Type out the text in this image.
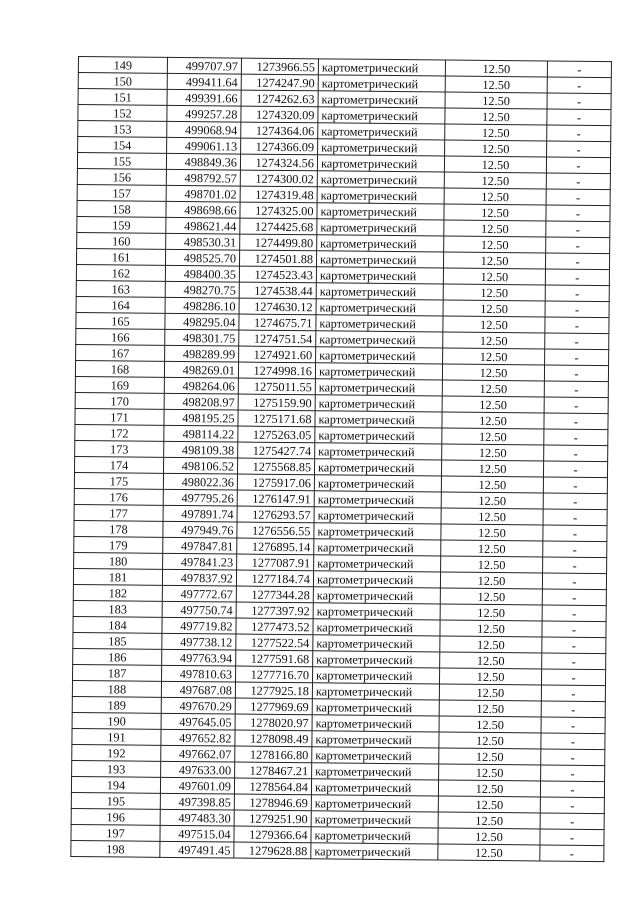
149	499707.97	1273966.55	картометрический	12.50	-
150	499411.64	1274247.90	картометрический	12.50	-
151	499391.66	1274262.63	картометрический	12.50	-
152	499257.28	1274320.09	картометрический	12.50	-
153	499068.94	1274364.06	картометрический	12.50	-
154	499061.13	1274366.09	картометрический	12.50	-
155	498849.36	1274324.56	картометрический	12.50	-
156	498792.57	1274300.02	картометрический	12.50	-
157	498701.02	1274319.48	картометрический	12.50	-
158	498698.66	1274325.00	картометрический	12.50	-
159	498621.44	1274425.68	картометрический	12.50	-
160	498530.31	1274499.80	картометрический	12.50	-
161	498525.70	1274501.88	картометрический	12.50	-
162	498400.35	1274523.43	картометрический	12.50	-
163	498270.75	1274538.44	картометрический	12.50	-
164	498286.10	1274630.12	картометрический	12.50	-
165	498295.04	1274675.71	картометрический	12.50	-
166	498301.75	1274751.54	картометрический	12.50	-
167	498289.99	1274921.60	картометрический	12.50	-
168	498269.01	1274998.16	картометрический	12.50	-
169	498264.06	1275011.55	картометрический	12.50	-
170	498208.97	1275159.90	картометрический	12.50	-
171	498195.25	1275171.68	картометрический	12.50	-
172	498114.22	1275263.05	картометрический	12.50	-
173	498109.38	1275427.74	картометрический	12.50	-
174	498106.52	1275568.85	картометрический	12.50	-
175	498022.36	1275917.06	картометрический	12.50	-
176	497795.26	1276147.91	картометрический	12.50	-
177	497891.74	1276293.57	картометрический	12.50	-
178	497949.76	1276556.55	картометрический	12.50	-
179	497847.81	1276895.14	картометрический	12.50	-
180	497841.23	1277087.91	картометрический	12.50	-
181	497837.92	1277184.74	картометрический	12.50	-
182	497772.67	1277344.28	картометрический	12.50	-
183	497750.74	1277397.92	картометрический	12.50	-
184	497719.82	1277473.52	картометрический	12.50	-
185	497738.12	1277522.54	картометрический	12.50	-
186	497763.94	1277591.68	картометрический	12.50	-
187	497810.63	1277716.70	картометрический	12.50	-
188	497687.08	1277925.18	картометрический	12.50	-
189	497670.29	1277969.69	картометрический	12.50	-
190	497645.05	1278020.97	картометрический	12.50	-
191	497652.82	1278098.49	картометрический	12.50	-
192	497662.07	1278166.80	картометрический	12.50	-
193	497633.00	1278467.21	картометрический	12.50	-
194	497601.09	1278564.84	картометрический	12.50	-
195	497398.85	1278946.69	картометрический	12.50	-
196	497483.30	1279251.90	картометрический	12.50	-
197	497515.04	1279366.64	картометрический	12.50	-
198	497491.45	1279628.88	картометрический	12.50	-
